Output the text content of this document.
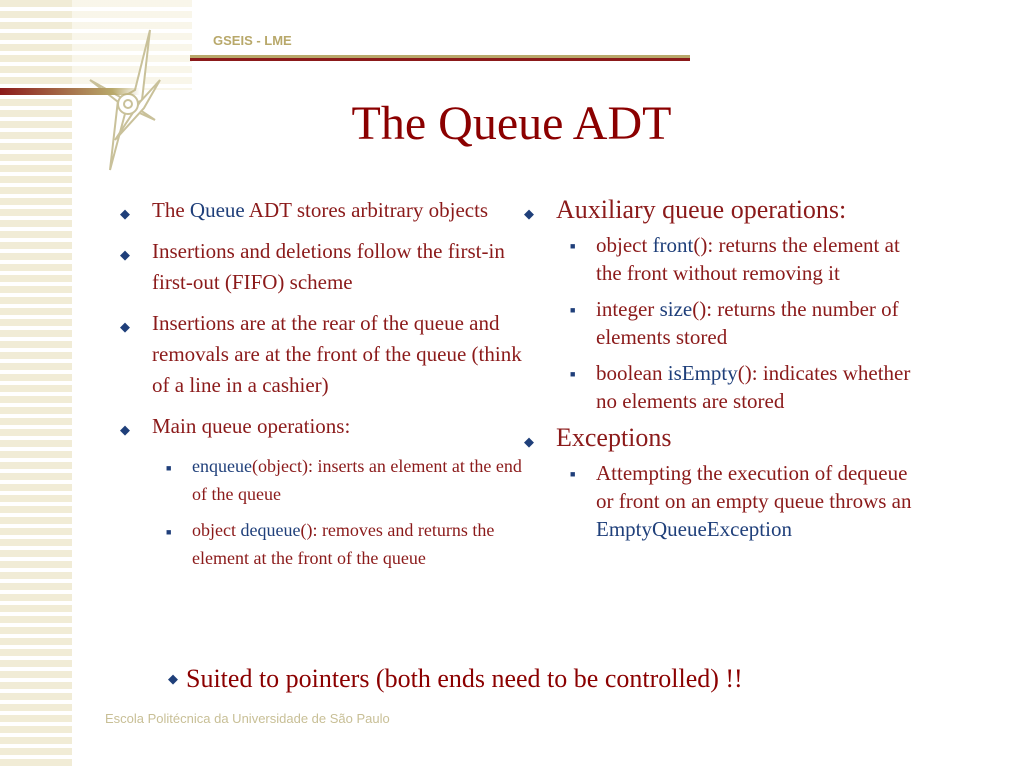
GSEIS - LME
The Queue ADT
◆ The Queue ADT stores arbitrary objects
◆ Insertions and deletions follow the first-in first-out (FIFO) scheme
◆ Insertions are at the rear of the queue and removals are at the front of the queue (think of a line in a cashier)
◆ Main queue operations:
■ enqueue(object): inserts an element at the end of the queue
■ object dequeue(): removes and returns the element at the front of the queue
◆ Auxiliary queue operations:
■ object front(): returns the element at the front without removing it
■ integer size(): returns the number of elements stored
■ boolean isEmpty(): indicates whether no elements are stored
◆ Exceptions
■ Attempting the execution of dequeue or front on an empty queue throws an EmptyQueueException
◆ Suited to pointers (both ends need to be controlled) !!
Escola Politécnica da Universidade de São Paulo
